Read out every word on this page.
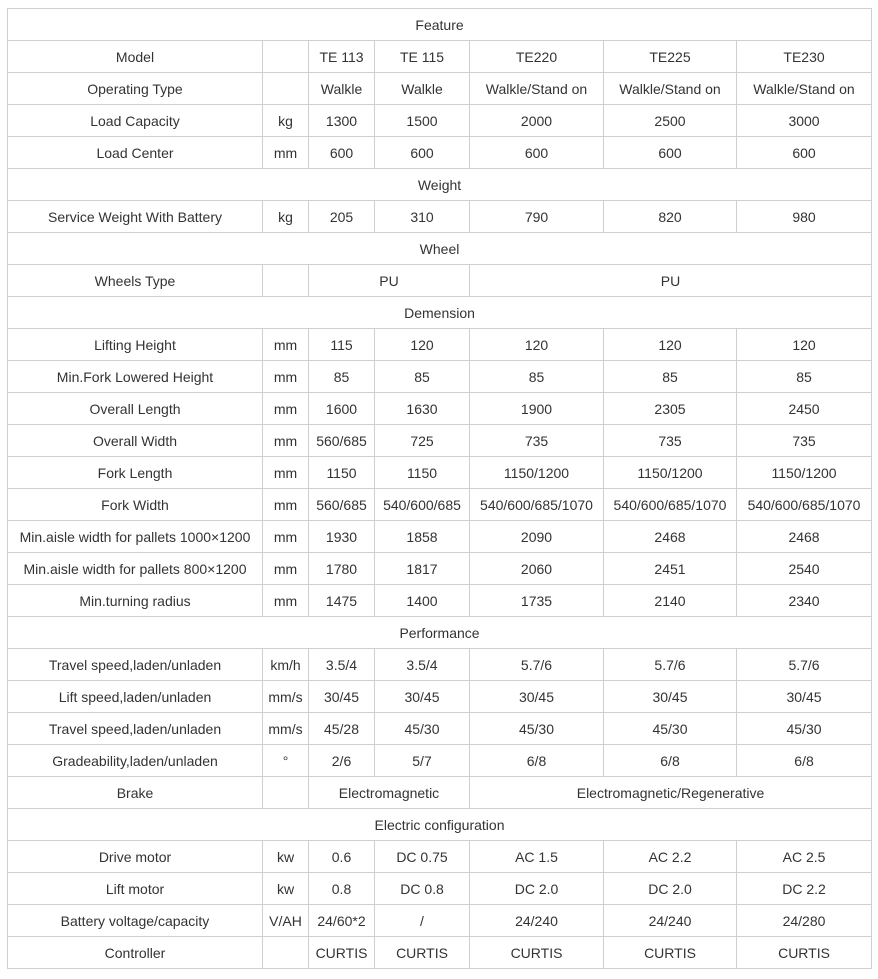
Feature						
Model		TE 113	TE 115	TE220	TE225	TE230
Operating Type		Walkle	Walkle	Walkle/Stand on	Walkle/Stand on	Walkle/Stand on
Load Capacity	kg	1300	1500	2000	2500	3000
Load Center	mm	600	600	600	600	600
Weight						
Service Weight With Battery	kg	205	310	790	820	980
Wheel						
Wheels Type		PU		PU		
Demension						
Lifting Height	mm	115	120	120	120	120
Min.Fork Lowered Height	mm	85	85	85	85	85
Overall Length	mm	1600	1630	1900	2305	2450
Overall Width	mm	560/685	725	735	735	735
Fork Length	mm	1150	1150	1150/1200	1150/1200	1150/1200
Fork Width	mm	560/685	540/600/685	540/600/685/1070	540/600/685/1070	540/600/685/1070
Min.aisle width for pallets 1000×1200	mm	1930	1858	2090	2468	2468
Min.aisle width for pallets 800×1200	mm	1780	1817	2060	2451	2540
Min.turning radius	mm	1475	1400	1735	2140	2340
Performance						
Travel speed,laden/unladen	km/h	3.5/4	3.5/4	5.7/6	5.7/6	5.7/6
Lift speed,laden/unladen	mm/s	30/45	30/45	30/45	30/45	30/45
Travel speed,laden/unladen	mm/s	45/28	45/30	45/30	45/30	45/30
Gradeability,laden/unladen	°	2/6	5/7	6/8	6/8	6/8
Brake		Electromagnetic		Electromagnetic/Regenerative		
Electric configuration						
Drive motor	kw	0.6	DC 0.75	AC 1.5	AC 2.2	AC 2.5
Lift motor	kw	0.8	DC 0.8	DC 2.0	DC 2.0	DC 2.2
Battery voltage/capacity	V/AH	24/60*2	/	24/240	24/240	24/280
Controller		CURTIS	CURTIS	CURTIS	CURTIS	CURTIS
